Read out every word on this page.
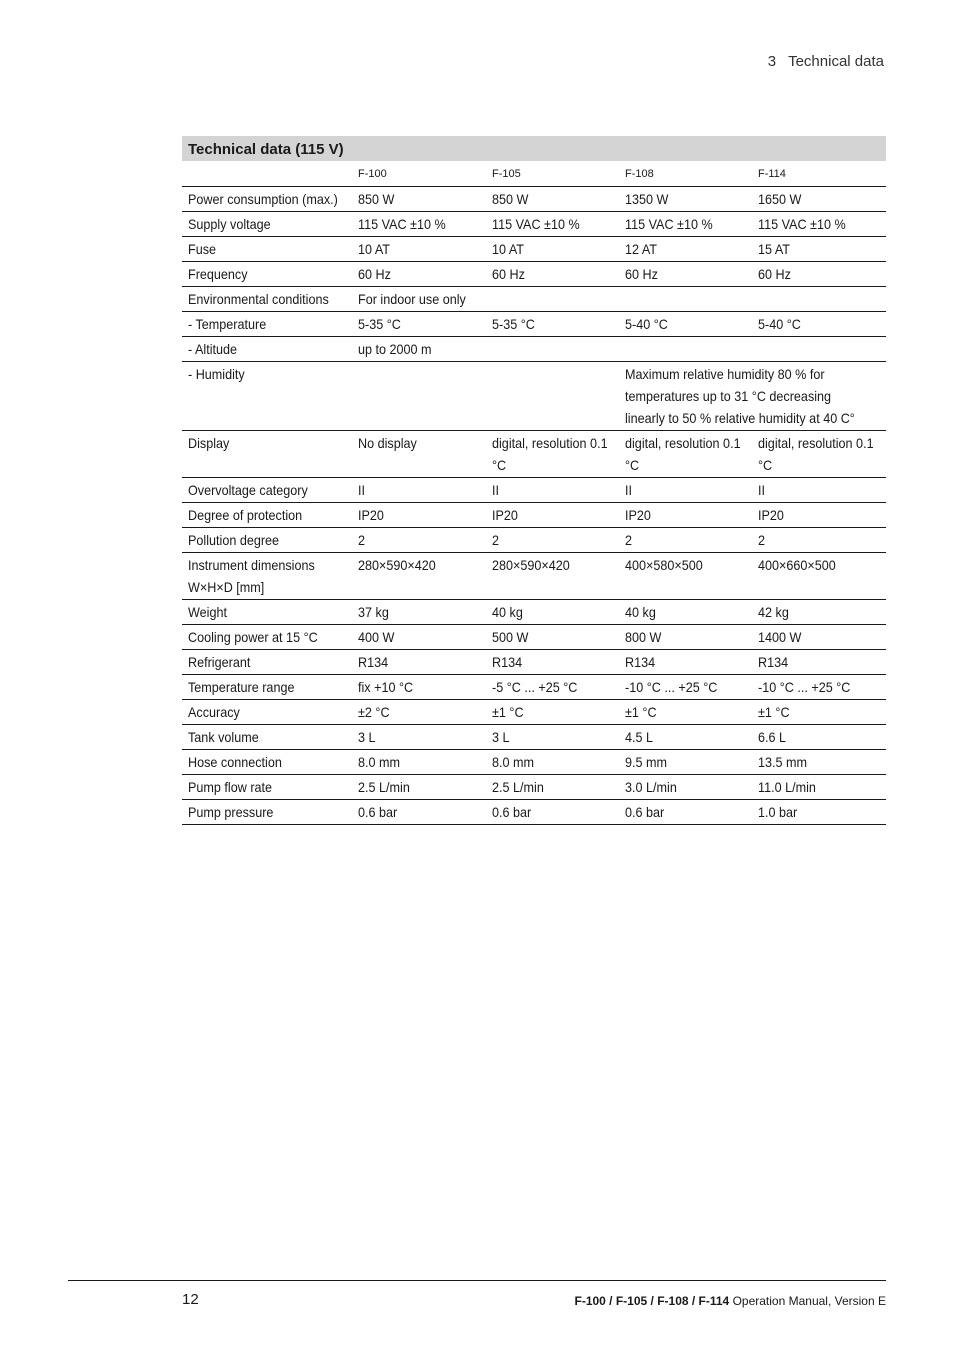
3 Technical data
Technical data (115 V)				
	F-100	F-105	F-108	F-114
Power consumption (max.)	850 W	850 W	1350 W	1650 W
Supply voltage	115 VAC ±10 %	115 VAC ±10 %	115 VAC ±10 %	115 VAC ±10 %
Fuse	10 AT	10 AT	12 AT	15 AT
Frequency	60 Hz	60 Hz	60 Hz	60 Hz
Environmental conditions	For indoor use only			
- Temperature	5-35 °C	5-35 °C	5-40 °C	5-40 °C
- Altitude	up to 2000 m			
- Humidity			Maximum relative humidity 80 % for
temperatures up to 31 °C decreasing
linearly to 50 % relative humidity at 40 C°	

Display	No display	digital, resolution 0.1 °C	digital, resolution 0.1 °C	digital, resolution 0.1 °C
Overvoltage category	II	II	II	II
Degree of protection	IP20	IP20	IP20	IP20
Pollution degree	2	2	2	2
Instrument dimensions W×H×D [mm]	280×590×420	280×590×420	400×580×500	400×660×500
Weight	37 kg	40 kg	40 kg	42 kg
Cooling power at 15 °C	400 W	500 W	800 W	1400 W
Refrigerant	R134	R134	R134	R134
Temperature range	fix +10 °C	-5 °C ... +25 °C	-10 °C ... +25 °C	-10 °C ... +25 °C
Accuracy	±2 °C	±1 °C	±1 °C	±1 °C
Tank volume	3 L	3 L	4.5 L	6.6 L
Hose connection	8.0 mm	8.0 mm	9.5 mm	13.5 mm
Pump flow rate	2.5 L/min	2.5 L/min	3.0 L/min	11.0 L/min
Pump pressure	0.6 bar	0.6 bar	0.6 bar	1.0 bar
12	F-100 / F-105 / F-108 / F-114 Operation Manual, Version E
